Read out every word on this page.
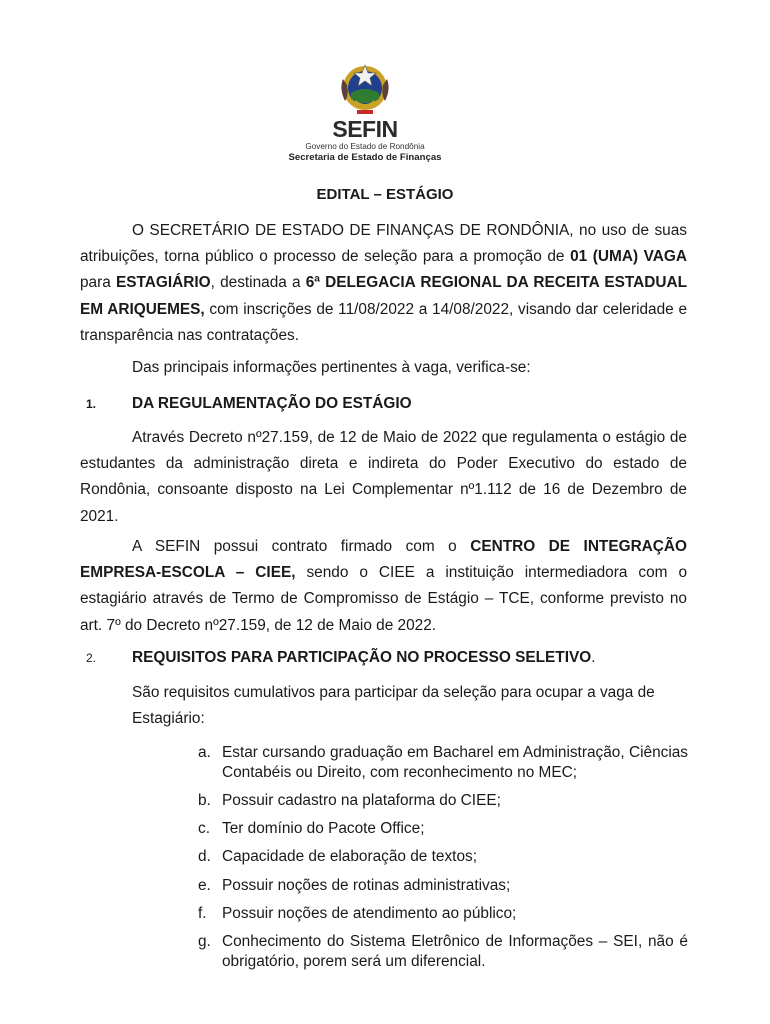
SEFIN
Governo do Estado de Rondônia
Secretaria de Estado de Finanças
EDITAL – ESTÁGIO

O SECRETÁRIO DE ESTADO DE FINANÇAS DE RONDÔNIA, no uso de suas atribuições, torna público o processo de seleção para a promoção de 01 (UMA) VAGA para ESTAGIÁRIO, destinada a 6ª DELEGACIA REGIONAL DA RECEITA ESTADUAL EM ARIQUEMES, com inscrições de 11/08/2022 a 14/08/2022, visando dar celeridade e transparência nas contratações.

Das principais informações pertinentes à vaga, verifica-se:

1. DA REGULAMENTAÇÃO DO ESTÁGIO

Através Decreto nº27.159, de 12 de Maio de 2022 que regulamenta o estágio de estudantes da administração direta e indireta do Poder Executivo do estado de Rondônia, consoante disposto na Lei Complementar nº1.112 de 16 de Dezembro de 2021.

A SEFIN possui contrato firmado com o CENTRO DE INTEGRAÇÃO EMPRESA-ESCOLA – CIEE, sendo o CIEE a instituição intermediadora com o estagiário através de Termo de Compromisso de Estágio – TCE, conforme previsto no art. 7º do Decreto nº27.159, de 12 de Maio de 2022.

2. REQUISITOS PARA PARTICIPAÇÃO NO PROCESSO SELETIVO.

São requisitos cumulativos para participar da seleção para ocupar a vaga de Estagiário:

a. Estar cursando graduação em Bacharel em Administração, Ciências Contabéis ou Direito, com reconhecimento no MEC;
b. Possuir cadastro na plataforma do CIEE;
c. Ter domínio do Pacote Office;
d. Capacidade de elaboração de textos;
e. Possuir noções de rotinas administrativas;
f. Possuir noções de atendimento ao público;
g. Conhecimento do Sistema Eletrônico de Informações – SEI, não é obrigatório, porem será um diferencial.
